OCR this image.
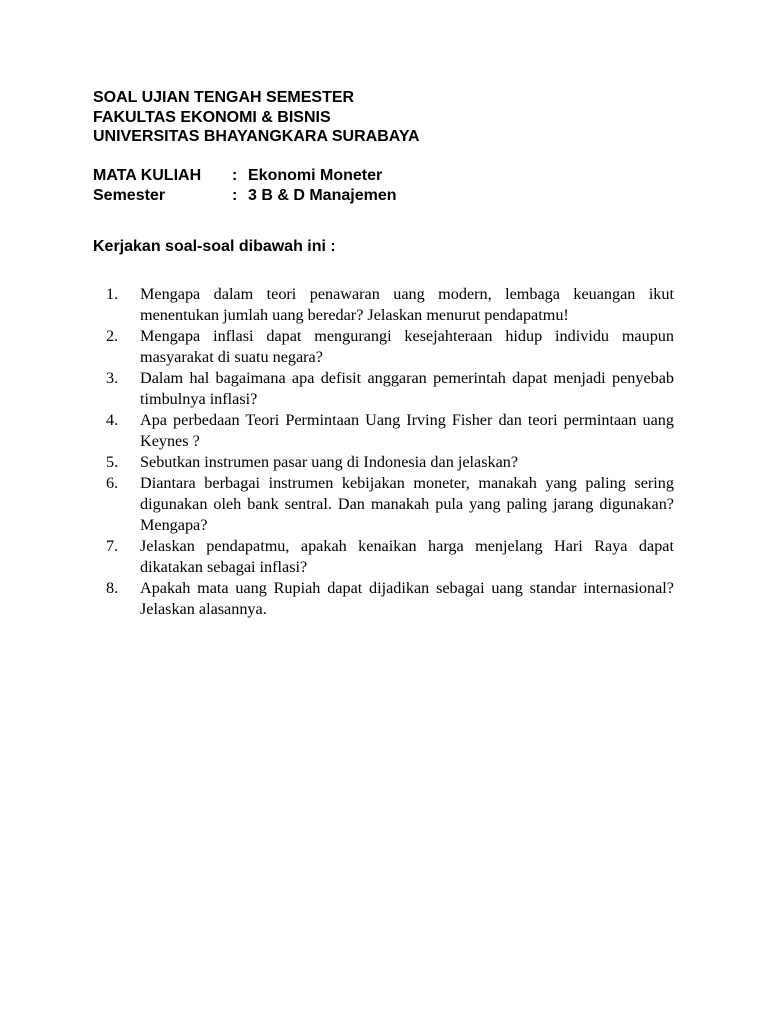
SOAL UJIAN TENGAH SEMESTER
FAKULTAS EKONOMI & BISNIS
UNIVERSITAS BHAYANGKARA SURABAYA
MATA KULIAH	: Ekonomi Moneter
Semester	: 3 B & D Manajemen
Kerjakan soal-soal dibawah ini :
1.	Mengapa dalam teori penawaran uang modern, lembaga keuangan ikut menentukan jumlah uang beredar? Jelaskan menurut pendapatmu!
2.	Mengapa inflasi dapat mengurangi kesejahteraan hidup individu maupun masyarakat di suatu negara?
3.	Dalam hal bagaimana apa defisit anggaran pemerintah dapat menjadi penyebab timbulnya inflasi?
4.	Apa perbedaan Teori Permintaan Uang Irving Fisher dan teori permintaan uang Keynes ?
5.	Sebutkan instrumen pasar uang di Indonesia dan jelaskan?
6.	Diantara berbagai instrumen kebijakan moneter, manakah yang paling sering digunakan oleh bank sentral. Dan manakah pula yang paling jarang digunakan? Mengapa?
7.	Jelaskan pendapatmu, apakah kenaikan harga menjelang Hari Raya dapat dikatakan sebagai inflasi?
8.	Apakah mata uang Rupiah dapat dijadikan sebagai uang standar internasional? Jelaskan alasannya.
